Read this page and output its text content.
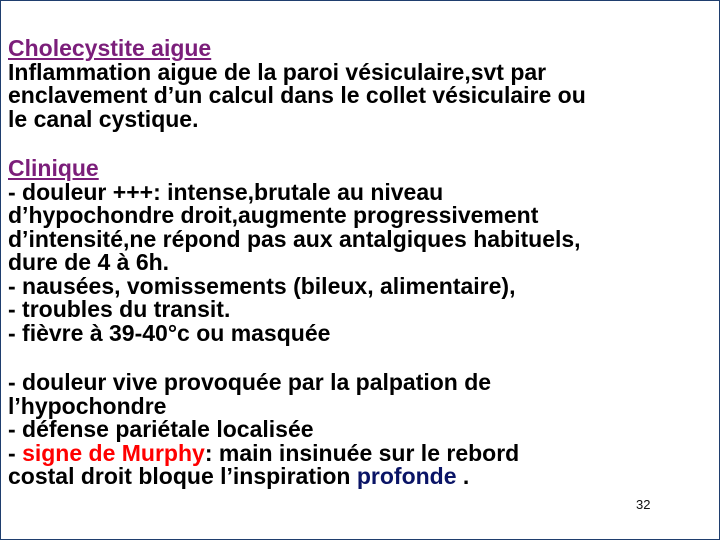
Cholecystite aigue
Inflammation aigue de la paroi vésiculaire,svt par
enclavement d’un calcul dans le collet vésiculaire ou
le canal cystique.
Clinique
- douleur +++: intense,brutale au niveau
d’hypochondre droit,augmente progressivement
d’intensité,ne répond pas aux antalgiques habituels,
dure de 4 à 6h.
- nausées, vomissements (bileux, alimentaire),
- troubles du transit.
- fièvre à 39-40°c ou masquée
- douleur vive provoquée par la palpation de
l’hypochondre
- défense pariétale localisée
- signe de Murphy: main insinuée sur le rebord
costal droit bloque l’inspiration profonde .
32
